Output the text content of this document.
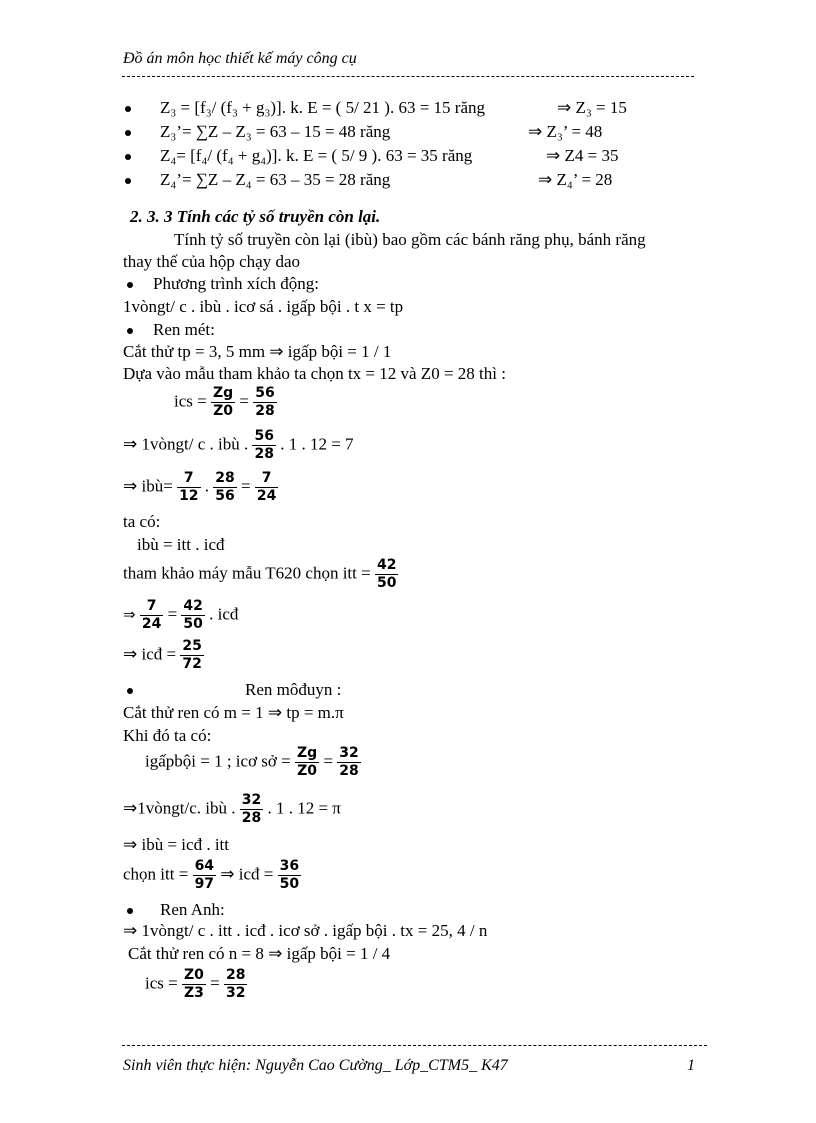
Đồ án môn học thiết kế máy công cụ
Z₃ = [f₃/ (f₃ + g₃)]. k. E = ( 5/ 21 ). 63 = 15 răng	⇒ Z₃ = 15
Z₃’= ∑Z – Z₃ = 63 – 15 = 48 răng	⇒ Z₃’ = 48
Z₄= [f₄/ (f₄ + g₄)]. k. E = ( 5/ 9 ). 63 = 35 răng	⇒ Z4 = 35
Z₄’= ∑Z – Z₄ = 63 – 35 = 28 răng	⇒ Z₄’ = 28
2. 3. 3 Tính các tỷ số truyền còn lại.
Tính tỷ số truyền còn lại (ibù) bao gồm các bánh răng phụ, bánh răng
thay thế của hộp chạy dao
Phương trình xích động:
1vòngt/ c . ibù . icơ sá . igấp bội . t x = tp
Ren mét:
Cắt thử tp = 3, 5 mm ⇒ igấp bội = 1 / 1
Dựa vào mẫu tham khảo ta chọn tx = 12 và Z0 = 28 thì :
ics = $\frac{Zg}{Z0} = \frac{56}{28}$
⇒ 1vòngt/ c . ibù . $\frac{56}{28}$ . 1 . 12 = 7
⇒ ibù= $\frac{7}{12}$ . $\frac{28}{56} = \frac{7}{24}$
ta có:
ibù = itt . icđ
tham khảo máy mẫu T620 chọn itt = $\frac{42}{50}$
⇒ $\frac{7}{24} = \frac{42}{50}$ . icđ
⇒ icđ = $\frac{25}{72}$
Ren môđuyn :
Cắt thử ren có m = 1 ⇒ tp = m.π
Khi đó ta có:
igấpbội = 1 ; icơ sở = $\frac{Zg}{Z0} = \frac{32}{28}$
⇒1vòngt/c. ibù . $\frac{32}{28}$ . 1 . 12 = π
⇒ ibù = icđ . itt
chọn itt = $\frac{64}{97}$ ⇒ icđ = $\frac{36}{50}$
Ren Anh:
⇒ 1vòngt/ c . itt . icđ . icơ sở . igấp bội . tx = 25, 4 / n
Cắt thử ren có n = 8 ⇒ igấp bội = 1 / 4
ics = $\frac{Z0}{Z3} = \frac{28}{32}$
Sinh viên thực hiện: Nguyễn Cao Cường_ Lớp_CTM5_ K47	1
